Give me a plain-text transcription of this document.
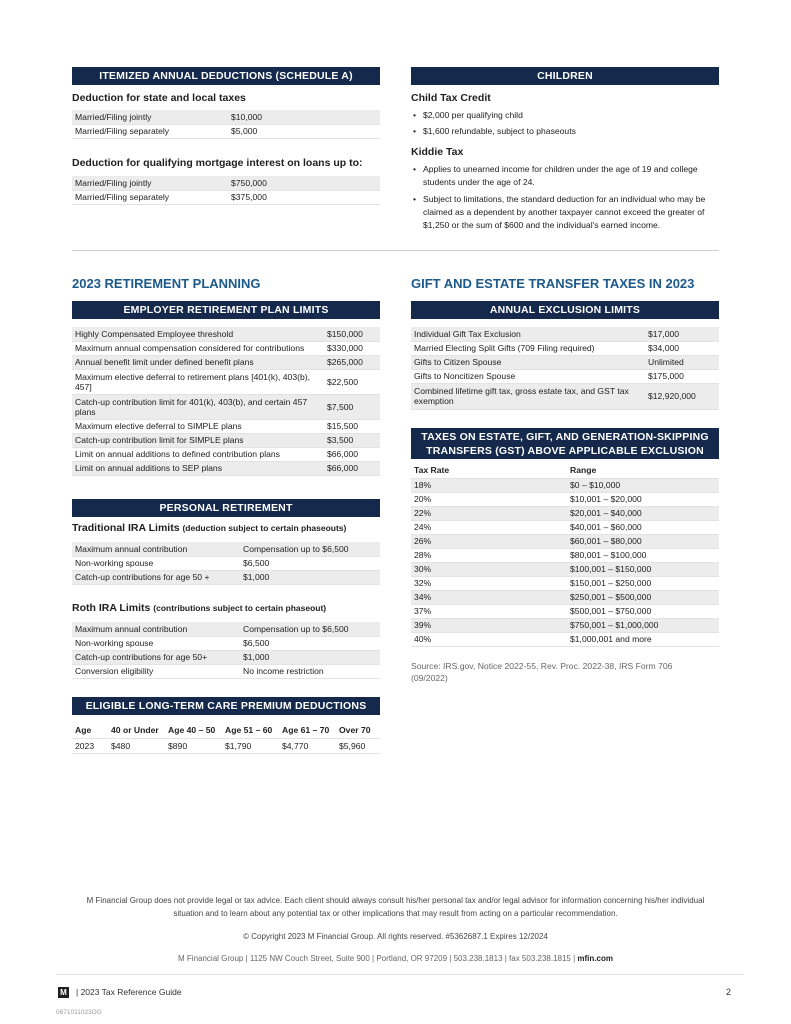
ITEMIZED ANNUAL DEDUCTIONS (SCHEDULE A)
Deduction for state and local taxes
Married/Filing jointly	$10,000
Married/Filing separately	$5,000
Deduction for qualifying mortgage interest on loans up to:
Married/Filing jointly	$750,000
Married/Filing separately	$375,000
CHILDREN
Child Tax Credit
• $2,000 per qualifying child
• $1,600 refundable, subject to phaseouts
Kiddie Tax
• Applies to unearned income for children under the age of 19 and college students under the age of 24.
• Subject to limitations, the standard deduction for an individual who may be claimed as a dependent by another taxpayer cannot exceed the greater of $1,250 or the sum of $600 and the individual's earned income.
2023 RETIREMENT PLANNING
EMPLOYER RETIREMENT PLAN LIMITS
Highly Compensated Employee threshold	$150,000
Maximum annual compensation considered for contributions	$330,000
Annual benefit limit under defined benefit plans	$265,000
Maximum elective deferral to retirement plans [401(k), 403(b), 457]	$22,500
Catch-up contribution limit for 401(k), 403(b), and certain 457 plans	$7,500
Maximum elective deferral to SIMPLE plans	$15,500
Catch-up contribution limit for SIMPLE plans	$3,500
Limit on annual additions to defined contribution plans	$66,000
Limit on annual additions to SEP plans	$66,000
PERSONAL RETIREMENT
Traditional IRA Limits (deduction subject to certain phaseouts)
Maximum annual contribution	Compensation up to $6,500
Non-working spouse	$6,500
Catch-up contributions for age 50 +	$1,000
Roth IRA Limits (contributions subject to certain phaseout)
Maximum annual contribution	Compensation up to $6,500
Non-working spouse	$6,500
Catch-up contributions for age 50+	$1,000
Conversion eligibility	No income restriction
ELIGIBLE LONG-TERM CARE PREMIUM DEDUCTIONS
Age	40 or Under	Age 40 – 50	Age 51 – 60	Age 61 – 70	Over 70
2023	$480	$890	$1,790	$4,770	$5,960
GIFT AND ESTATE TRANSFER TAXES IN 2023
ANNUAL EXCLUSION LIMITS
Individual Gift Tax Exclusion	$17,000
Married Electing Split Gifts (709 Filing required)	$34,000
Gifts to Citizen Spouse	Unlimited
Gifts to Noncitizen Spouse	$175,000
Combined lifetime gift tax, gross estate tax, and GST tax exemption	$12,920,000
TAXES ON ESTATE, GIFT, AND GENERATION-SKIPPING
TRANSFERS (GST) ABOVE APPLICABLE EXCLUSION
Tax Rate	Range
18%	$0 – $10,000
20%	$10,001 – $20,000
22%	$20,001 – $40,000
24%	$40,001 – $60,000
26%	$60,001 – $80,000
28%	$80,001 – $100,000
30%	$100,001 – $150,000
32%	$150,001 – $250,000
34%	$250,001 – $500,000
37%	$500,001 – $750,000
39%	$750,001 – $1,000,000
40%	$1,000,001 and more
Source: IRS.gov, Notice 2022-55, Rev. Proc. 2022-38, IRS Form 706
(09/2022)
M Financial Group does not provide legal or tax advice. Each client should always consult his/her personal tax and/or legal advisor for information concerning his/her individual
situation and to learn about any potential tax or other implications that may result from acting on a particular recommendation.
© Copyright 2023 M Financial Group. All rights reserved. #5362687.1 Expires 12/2024
M Financial Group | 1125 NW Couch Street, Suite 900 | Portland, OR 97209 | 503.238.1813 | fax 503.238.1815 | mfin.com
M | 2023 Tax Reference Guide	2
0671011023OG
